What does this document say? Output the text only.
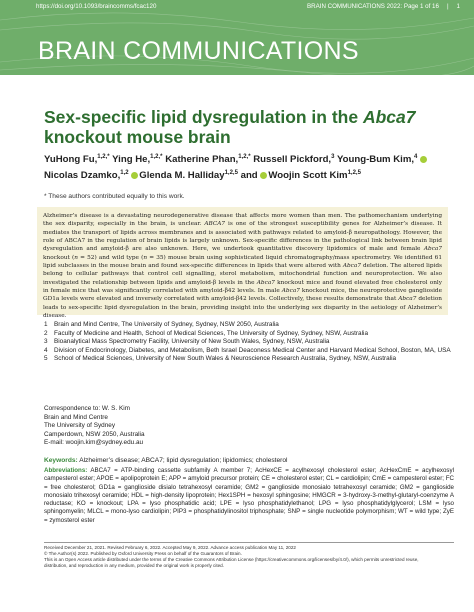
https://doi.org/10.1093/braincomms/fcac120	BRAIN COMMUNICATIONS 2022: Page 1 of 16 | 1
BRAIN COMMUNICATIONS
Sex-specific lipid dysregulation in the Abca7 knockout mouse brain
YuHong Fu,$^{1,2,*}$ Ying He,$^{1,2,*}$ Katherine Phan,$^{1,2,*}$ Russell Pickford,$^3$ Young-Bum Kim,$^4$ Nicolas Dzamko,$^{1,2}$ Glenda M. Halliday$^{1,2,5}$ and Woojin Scott Kim$^{1,2,5}$
* These authors contributed equally to this work.

Alzheimer’s disease is a devastating neurodegenerative disease that affects more women than men. The pathomechanism underlying the sex disparity, especially in the brain, is unclear. ABCA7 is one of the strongest susceptibility genes for Alzheimer’s disease. It mediates the transport of lipids across membranes and is associated with pathways related to amyloid-β neuropathology. However, the role of ABCA7 in the regulation of brain lipids is largely unknown. Sex-specific differences in the pathological link between brain lipid dysregulation and amyloid-β are also unknown. Here, we undertook quantitative discovery lipidomics of male and female Abca7 knockout (n = 52) and wild type (n = 35) mouse brain using sophisticated liquid chromatography/mass spectrometry. We identified 61 lipid subclasses in the mouse brain and found sex-specific differences in lipids that were altered with Abca7 deletion. The altered lipids belong to cellular pathways that control cell signalling, sterol metabolism, mitochondrial function and neuroprotection. We also investigated the relationship between lipids and amyloid-β levels in the Abca7 knockout mice and found elevated free cholesterol only in female mice that was significantly correlated with amyloid-β42 levels. In male Abca7 knockout mice, the neuroprotective ganglioside GD1a levels were elevated and inversely correlated with amyloid-β42 levels. Collectively, these results demonstrate that Abca7 deletion leads to sex-specific lipid dysregulation in the brain, providing insight into the underlying sex disparity in the aetiology of Alzheimer’s disease.

1	Brain and Mind Centre, The University of Sydney, Sydney, NSW 2050, Australia
2	Faculty of Medicine and Health, School of Medical Sciences, The University of Sydney, Sydney, NSW, Australia
3	Bioanalytical Mass Spectrometry Facility, University of New South Wales, Sydney, NSW, Australia
4	Division of Endocrinology, Diabetes, and Metabolism, Beth Israel Deaconess Medical Center and Harvard Medical School, Boston, MA, USA
5	School of Medical Sciences, University of New South Wales & Neuroscience Research Australia, Sydney, NSW, Australia
Correspondence to: W. S. Kim
Brain and Mind Centre
The University of Sydney
Camperdown, NSW 2050, Australia
E-mail: woojin.kim@sydney.edu.au
Keywords: Alzheimer’s disease; ABCA7; lipid dysregulation; lipidomics; cholesterol
Abbreviations: ABCA7 = ATP-binding cassette subfamily A member 7; AcHexCE = acylhexosyl cholesterol ester; AcHexCmE = acylhexosyl campesterol ester; APOE = apolipoprotein E; APP = amyloid precursor protein; CE = cholesterol ester; CL = cardiolipin; CmE = campesterol ester; FC = free cholesterol; GD1a = ganglioside disialo tetrahexosyl ceramide; GM2 = ganglioside monosialo tetrahexosyl ceramide; GM2 = ganglioside monosialo trihexosyl ceramide; HDL = high-density lipoprotein; Hex1SPH = hexosyl sphingosine; HMGCR = 3-hydroxy-3-methyl-glutaryl-coenzyme A reductase; KO = knockout; LPA = lyso phosphatidic acid; LPE = lyso phosphatidylethanol; LPG = lyso phosphatidylglycerol; LSM = lyso sphingomyelin; MLCL = mono-lyso cardiolipin; PIP3 = phosphatidylinositol triphosphate; SNP = single nucleotide polymorphism; WT = wild type; ZyE = zymosterol ester
Received December 21, 2021. Revised February 6, 2022. Accepted May 9, 2022. Advance access publication May 11, 2022
© The Author(s) 2022. Published by Oxford University Press on behalf of the Guarantors of Brain.
This is an Open Access article distributed under the terms of the Creative Commons Attribution License (https://creativecommons.org/licenses/by/4.0/), which permits unrestricted reuse,
distribution, and reproduction in any medium, provided the original work is properly cited.
